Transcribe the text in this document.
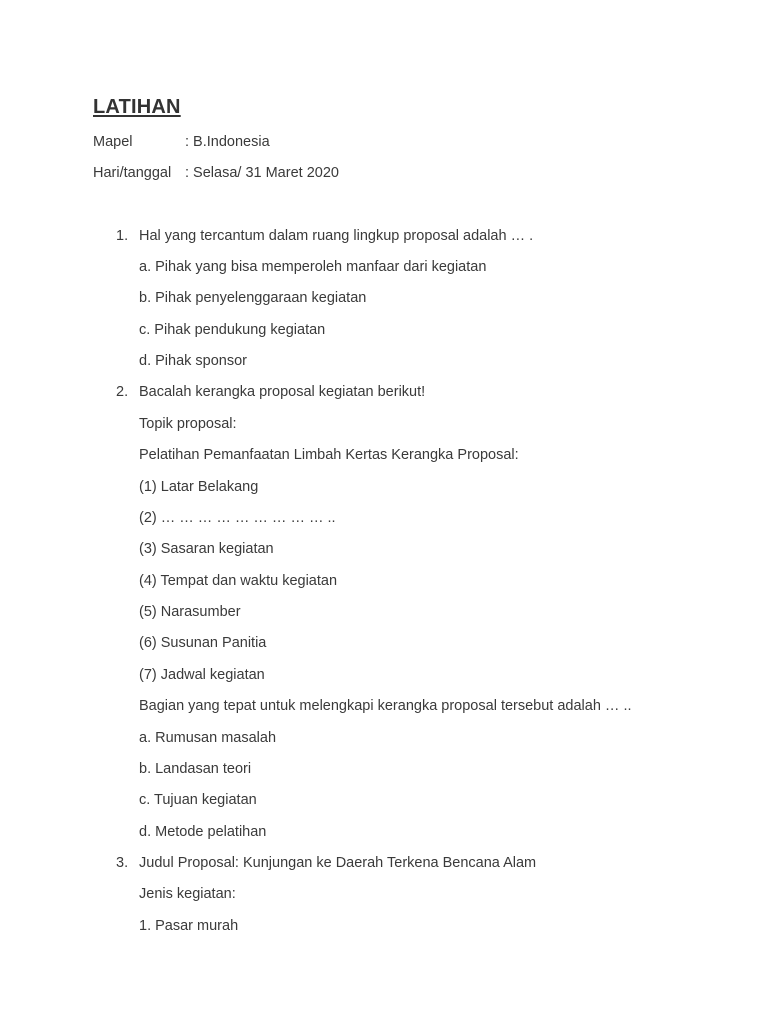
LATIHAN
Mapel	: B.Indonesia
Hari/tanggal : Selasa/ 31 Maret 2020
1. Hal yang tercantum dalam ruang lingkup proposal adalah … .
a. Pihak yang bisa memperoleh manfaar dari kegiatan
b. Pihak penyelenggaraan kegiatan
c. Pihak pendukung kegiatan
d. Pihak sponsor
2. Bacalah kerangka proposal kegiatan berikut!
Topik proposal:
Pelatihan Pemanfaatan Limbah Kertas Kerangka Proposal:
(1) Latar Belakang
(2) … … … … … … … … … ..
(3) Sasaran kegiatan
(4) Tempat dan waktu kegiatan
(5) Narasumber
(6) Susunan Panitia
(7) Jadwal kegiatan
Bagian yang tepat untuk melengkapi kerangka proposal tersebut adalah … ..
a. Rumusan masalah
b. Landasan teori
c. Tujuan kegiatan
d. Metode pelatihan
3. Judul Proposal: Kunjungan ke Daerah Terkena Bencana Alam
Jenis kegiatan:
1. Pasar murah
